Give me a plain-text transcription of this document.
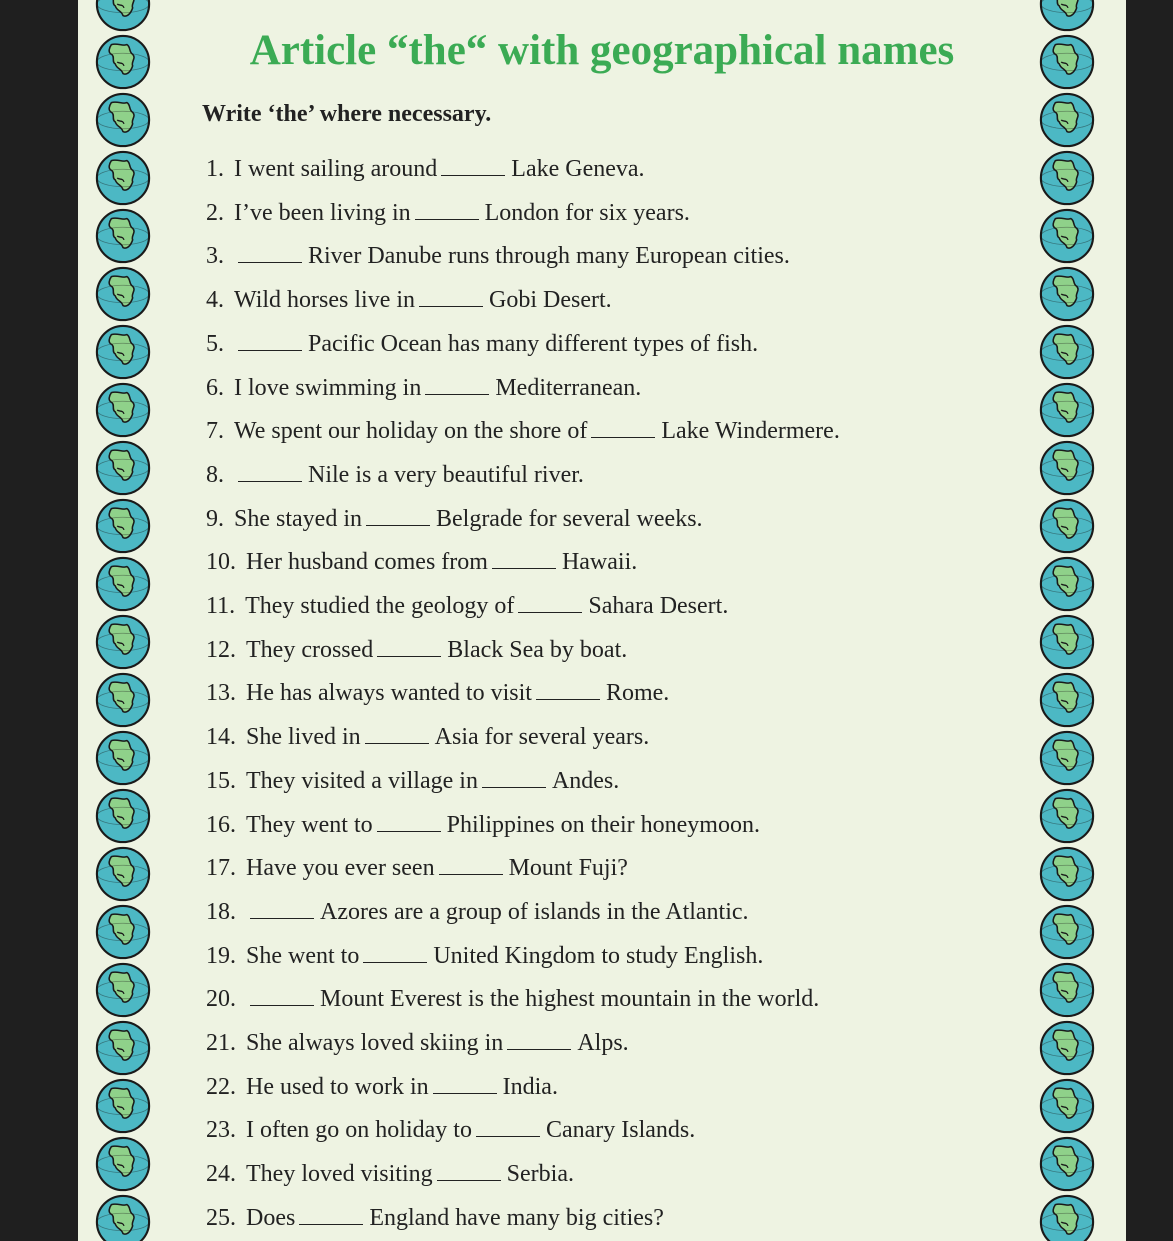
Article “the“ with geographical names
Write ‘the’ where necessary.
1. I went sailing around	Lake Geneva.
2. I’ve been living in	London for six years.
3.	River Danube runs through many European cities.
4. Wild horses live in	Gobi Desert.
5.	Pacific Ocean has many different types of fish.
6. I love swimming in	Mediterranean.
7. We spent our holiday on the shore of	Lake Windermere.
8.	Nile is a very beautiful river.
9. She stayed in	Belgrade for several weeks.
10. Her husband comes from	Hawaii.
11. They studied the geology of	Sahara Desert.
12. They crossed	Black Sea by boat.
13. He has always wanted to visit	Rome.
14. She lived in	Asia for several years.
15. They visited a village in	Andes.
16. They went to	Philippines on their honeymoon.
17. Have you ever seen	Mount Fuji?
18.	Azores are a group of islands in the Atlantic.
19. She went to	United Kingdom to study English.
20.	Mount Everest is the highest mountain in the world.
21. She always loved skiing in	Alps.
22. He used to work in	India.
23. I often go on holiday to	Canary Islands.
24. They loved visiting	Serbia.
25. Does	England have many big cities?
